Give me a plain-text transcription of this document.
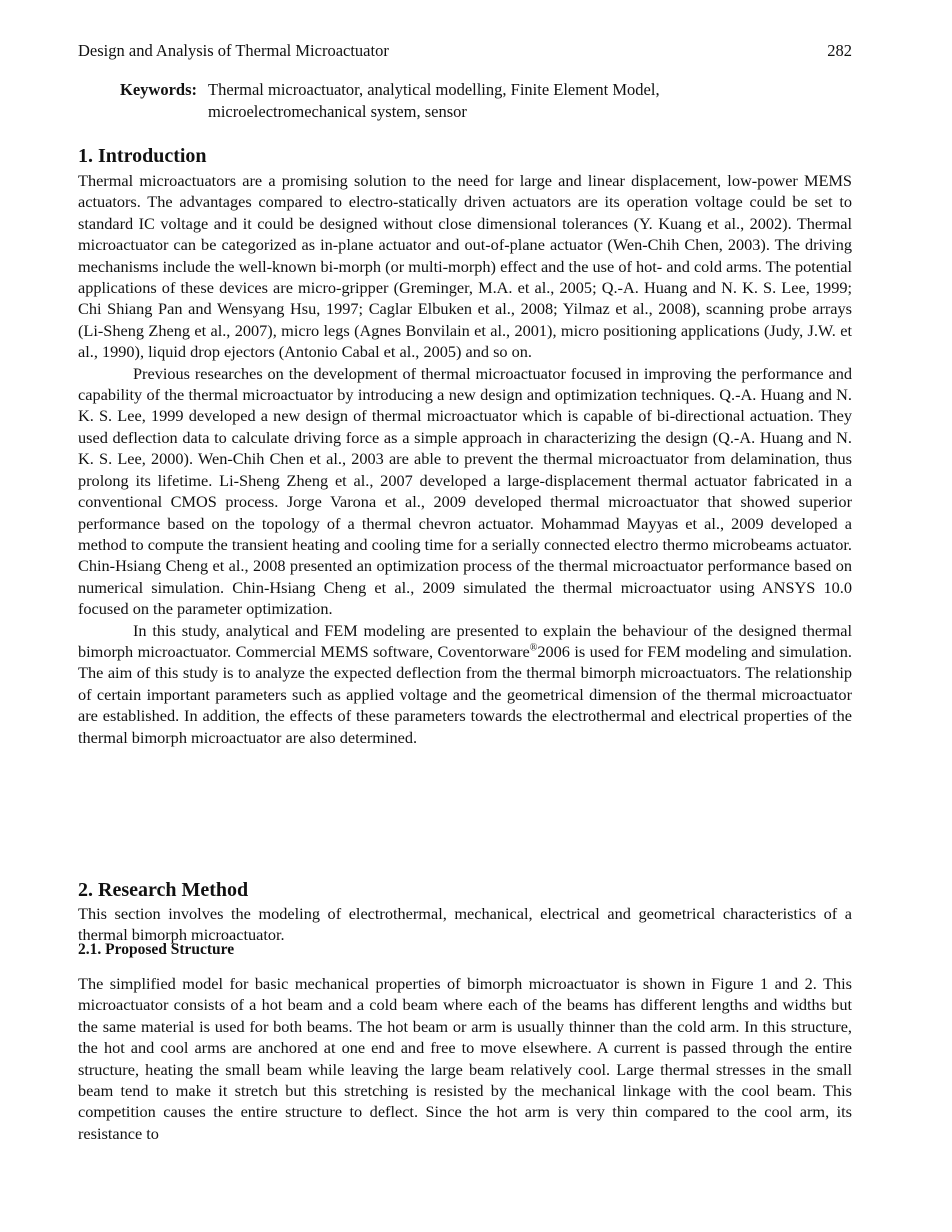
Design and Analysis of Thermal Microactuator	282
Keywords: Thermal microactuator, analytical modelling, Finite Element Model,
microelectromechanical system, sensor
1. Introduction

Thermal microactuators are a promising solution to the need for large and linear displacement, low-power MEMS actuators. The advantages compared to electro-statically driven actuators are its operation voltage could be set to standard IC voltage and it could be designed without close dimensional tolerances (Y. Kuang et al., 2002). Thermal microactuator can be categorized as in-plane actuator and out-of-plane actuator (Wen-Chih Chen, 2003). The driving mechanisms include the well-known bi-morph (or multi-morph) effect and the use of hot- and cold arms. The potential applications of these devices are micro-gripper (Greminger, M.A. et al., 2005; Q.-A. Huang and N. K. S. Lee, 1999; Chi Shiang Pan and Wensyang Hsu, 1997; Caglar Elbuken et al., 2008; Yilmaz et al., 2008), scanning probe arrays (Li-Sheng Zheng et al., 2007), micro legs (Agnes Bonvilain et al., 2001), micro positioning applications (Judy, J.W. et al., 1990), liquid drop ejectors (Antonio Cabal et al., 2005) and so on.

Previous researches on the development of thermal microactuator focused in improving the performance and capability of the thermal microactuator by introducing a new design and optimization techniques. Q.-A. Huang and N. K. S. Lee, 1999 developed a new design of thermal microactuator which is capable of bi-directional actuation. They used deflection data to calculate driving force as a simple approach in characterizing the design (Q.-A. Huang and N. K. S. Lee, 2000). Wen-Chih Chen et al., 2003 are able to prevent the thermal microactuator from delamination, thus prolong its lifetime. Li-Sheng Zheng et al., 2007 developed a large-displacement thermal actuator fabricated in a conventional CMOS process. Jorge Varona et al., 2009 developed thermal microactuator that showed superior performance based on the topology of a thermal chevron actuator. Mohammad Mayyas et al., 2009 developed a method to compute the transient heating and cooling time for a serially connected electro thermo microbeams actuator. Chin-Hsiang Cheng et al., 2008 presented an optimization process of the thermal microactuator performance based on numerical simulation. Chin-Hsiang Cheng et al., 2009 simulated the thermal microactuator using ANSYS 10.0 focused on the parameter optimization.

In this study, analytical and FEM modeling are presented to explain the behaviour of the designed thermal bimorph microactuator. Commercial MEMS software, Coventorware®2006 is used for FEM modeling and simulation. The aim of this study is to analyze the expected deflection from the thermal bimorph microactuators. The relationship of certain important parameters such as applied voltage and the geometrical dimension of the thermal microactuator are established. In addition, the effects of these parameters towards the electrothermal and electrical properties of the thermal bimorph microactuator are also determined.

2. Research Method

This section involves the modeling of electrothermal, mechanical, electrical and geometrical characteristics of a thermal bimorph microactuator.

2.1. Proposed Structure

The simplified model for basic mechanical properties of bimorph microactuator is shown in Figure 1 and 2. This microactuator consists of a hot beam and a cold beam where each of the beams has different lengths and widths but the same material is used for both beams. The hot beam or arm is usually thinner than the cold arm. In this structure, the hot and cool arms are anchored at one end and free to move elsewhere. A current is passed through the entire structure, heating the small beam while leaving the large beam relatively cool. Large thermal stresses in the small beam tend to make it stretch but this stretching is resisted by the mechanical linkage with the cool beam. This competition causes the entire structure to deflect. Since the hot arm is very thin compared to the cool arm, its resistance to
